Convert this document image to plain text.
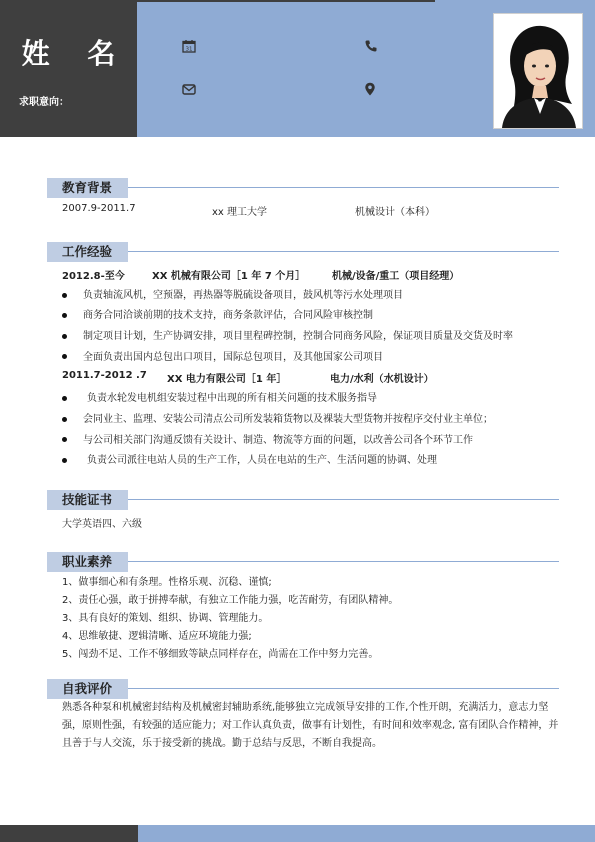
姓 名
求职意向：
31
教育背景
2007.9-2011.7	xx 理工大学	机械设计（本科）
工作经验
2012.8-至今	XX 机械有限公司［1 年 7 个月］	机械/设备/重工（项目经理）
负责轴流风机，空预器，再热器等脱硫设备项目，鼓风机等污水处理项目
商务合同洽谈前期的技术支持，商务条款评估，合同风险审核控制
制定项目计划，生产协调安排，项目里程碑控制，控制合同商务风险，保证项目质量及交货及时率
全面负责出国内总包出口项目，国际总包项目，及其他国家公司项目
2011.7-2012 .7 XX 电力有限公司［1 年］	电力/水利（水机设计）
负责水轮发电机组安装过程中出现的所有相关问题的技术服务指导
会同业主、监理、安装公司清点公司所发装箱货物以及裸装大型货物并按程序交付业主单位；
与公司相关部门沟通反馈有关设计、制造、物流等方面的问题，以改善公司各个环节工作
负责公司派往电站人员的生产工作，人员在电站的生产、生活问题的协调、处理
技能证书
大学英语四、六级
职业素养
1、做事细心和有条理。性格乐观、沉稳、谨慎;
2、责任心强，敢于拼搏奉献，有独立工作能力强，吃苦耐劳，有团队精神。
3、具有良好的策划、组织、协调、管理能力。
4、思维敏捷、逻辑清晰、适应环境能力强;
5、闯劲不足、工作不够细致等缺点同样存在，尚需在工作中努力完善。
自我评价
熟悉各种泵和机械密封结构及机械密封辅助系统,能够独立完成领导安排的工作,个性开朗，充满活力，意志力坚强，原则性强，有较强的适应能力；对工作认真负责，做事有计划性，有时间和效率观念, 富有团队合作精神，并且善于与人交流，乐于接受新的挑战。勤于总结与反思，不断自我提高。
